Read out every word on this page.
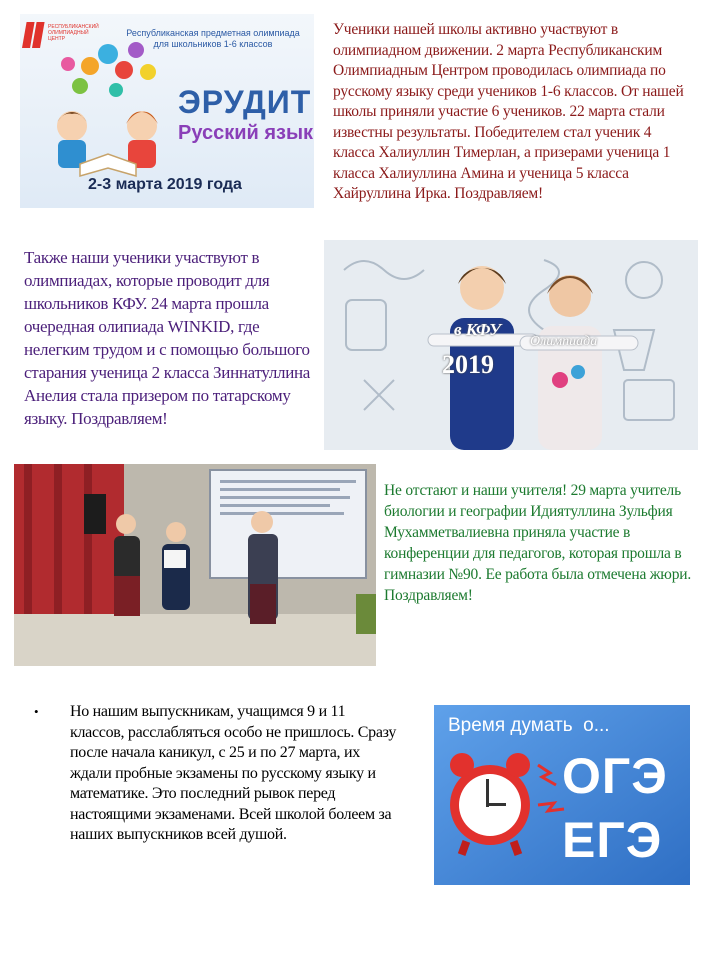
Республиканская предметная олимпиада
для школьников 1-6 классов
РЕСПУБЛИКАНСКИЙ ОЛИМПИАДНЫЙ ЦЕНТР
ЭРУДИТ
Русский язык
2-3 марта 2019 года
Ученики нашей школы активно участвуют в олимпиадном движении. 2 марта Республиканским Олимпиадным Центром проводилась олимпиада по русскому языку среди учеников 1-6 классов. От нашей школы приняли участие 6 учеников. 22 марта стали известны результаты. Победителем стал ученик 4 класса Халиуллин Тимерлан, а призерами ученица 1 класса Халиуллина Амина и ученица 5 класса Хайруллина Ирка. Поздравляем!
Также наши ученики участвуют в олимпиадах, которые проводит для школьников КФУ. 24 марта прошла очередная олипиада WINKID, где нелегким трудом и с помощью большого старания ученица 2 класса Зиннатуллина Анелия стала призером по татарскому языку. Поздравляем!
в КФУ
2019
Олимпиада
Не отстают и наши учителя! 29 марта учитель биологии и географии Идиятуллина Зульфия Мухамметвалиевна приняла участие в конференции для педагогов, которая прошла в гимназии №90. Ее работа была отмечена жюри. Поздравляем!
• Но нашим выпускникам, учащимся 9 и 11 классов, расслабляться особо не пришлось. Сразу после начала каникул, с 25 и по 27 марта, их ждали пробные экзамены по русскому языку и математике. Это последний рывок перед настоящими экзаменами. Всей школой болеем за наших выпускников всей душой.
Время думать  о...
ОГЭ
ЕГЭ
